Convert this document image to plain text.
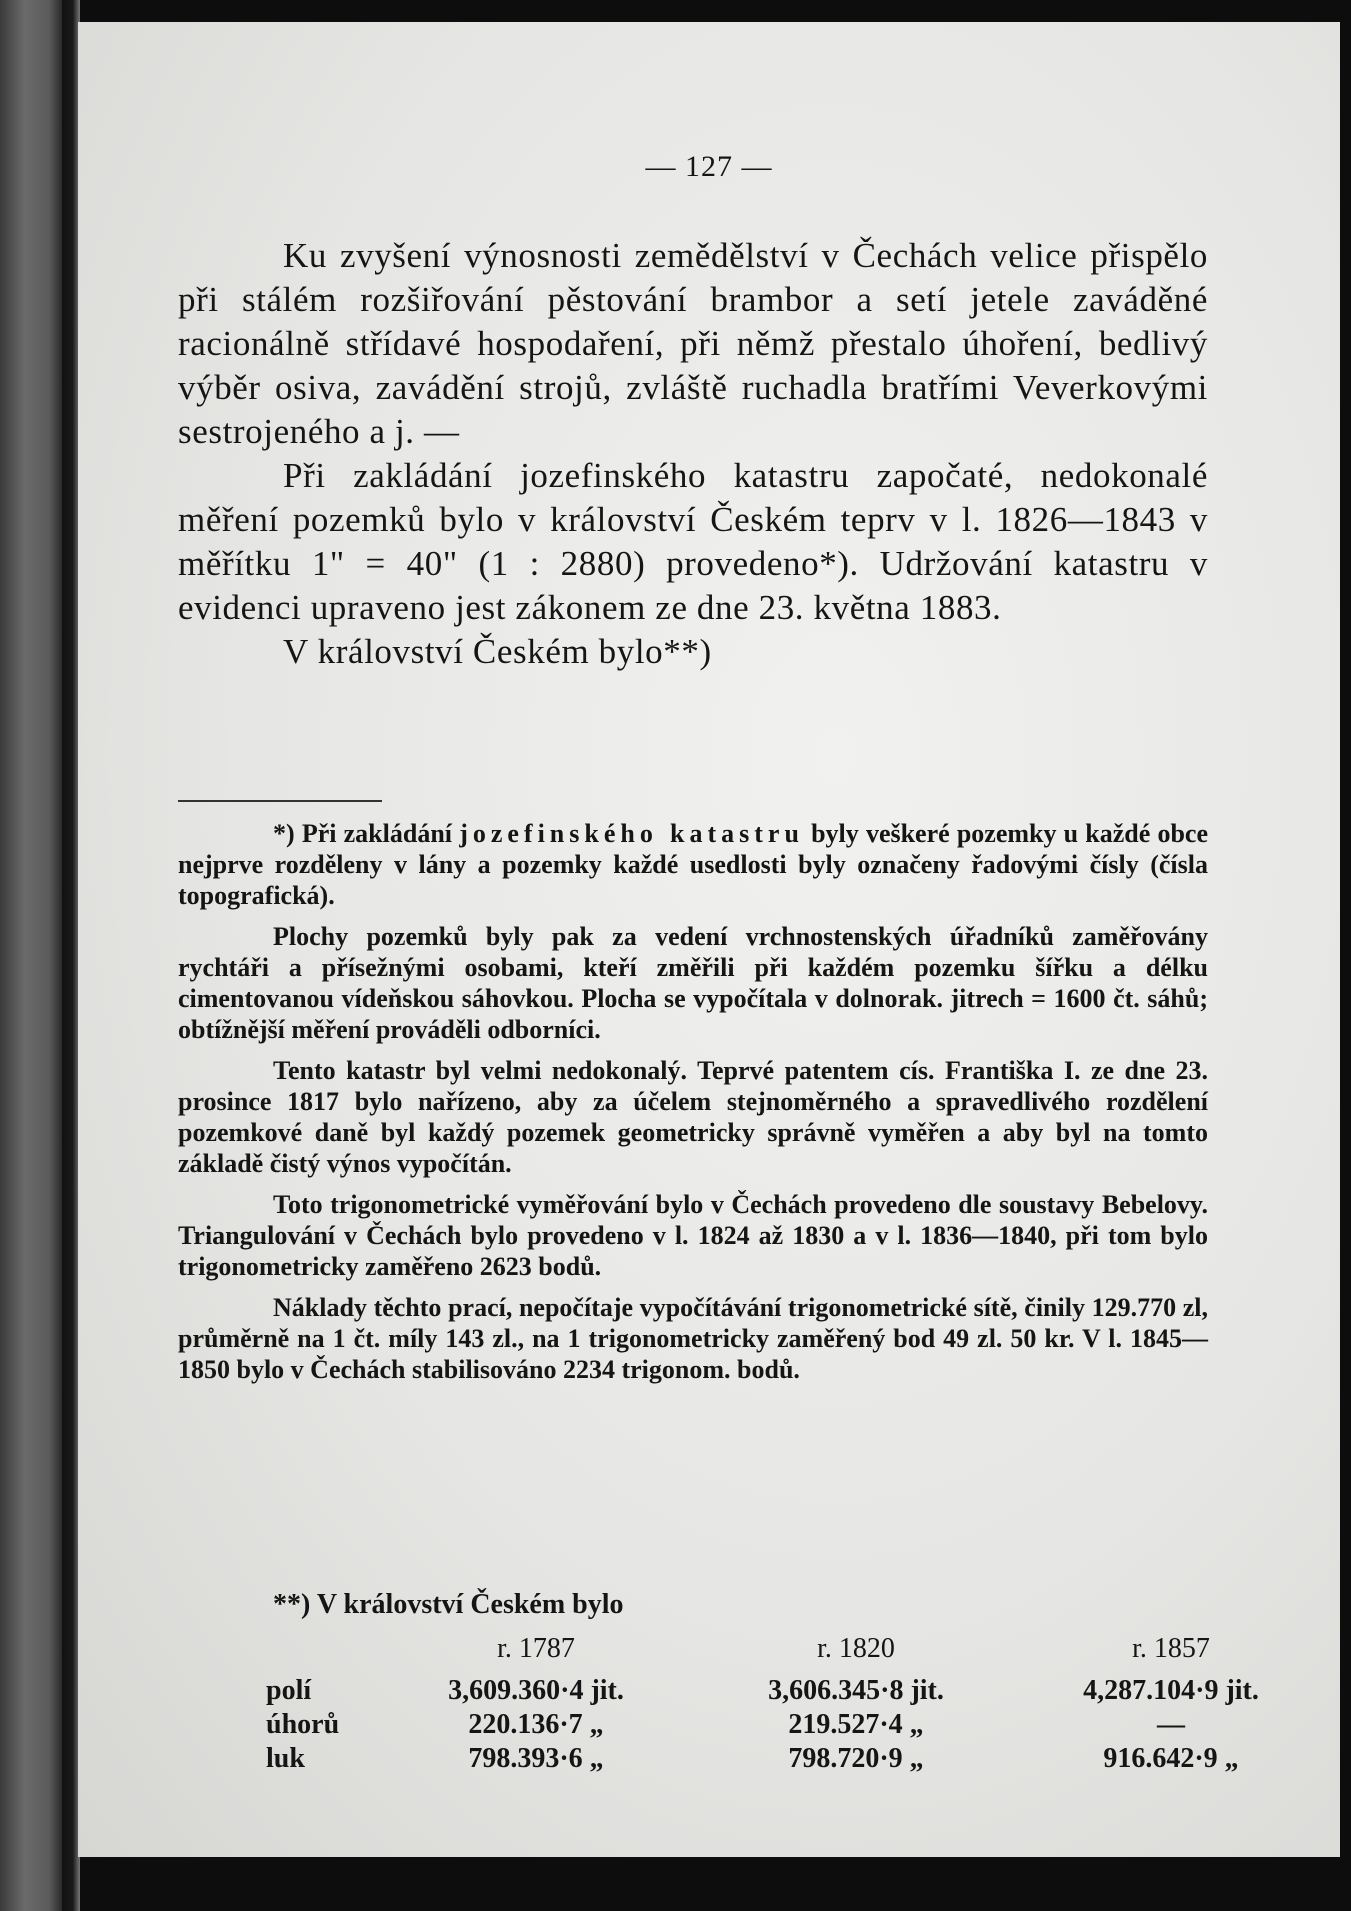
— 127 —

Ku zvyšení výnosnosti zemědělství v Čechách velice přispělo při stálém rozšiřování pěstování brambor a setí jetele zaváděné racionálně střídavé hospodaření, při němž přestalo úhoření, bedlivý výběr osiva, zavádění strojů, zvláště ruchadla bratřími Veverkovými sestrojeného a j. —

Při zakládání jozefinského katastru započaté, nedokonalé měření pozemků bylo v království Českém teprv v l. 1826—1843 v měřítku 1" = 40" (1 : 2880) provedeno*). Udržování katastru v evidenci upraveno jest zákonem ze dne 23. května 1883.

V království Českém bylo**)

*) Při zakládání jozefinského katastru byly veškeré pozemky u každé obce nejprve rozděleny v lány a pozemky každé usedlosti byly označeny řadovými čísly (čísla topografická).

Plochy pozemků byly pak za vedení vrchnostenských úřadníků zaměřovány rychtáři a přísežnými osobami, kteří změřili při každém pozemku šířku a délku cimentovanou vídeňskou sáhovkou. Plocha se vypočítala v dolnorak. jitrech = 1600 čt. sáhů; obtížnější měření prováděli odborníci.

Tento katastr byl velmi nedokonalý. Teprvé patentem cís. Františka I. ze dne 23. prosince 1817 bylo nařízeno, aby za účelem stejnoměrného a spravedlivého rozdělení pozemkové daně byl každý pozemek geometricky správně vyměřen a aby byl na tomto základě čistý výnos vypočítán.

Toto trigonometrické vyměřování bylo v Čechách provedeno dle soustavy Bebelovy. Triangulování v Čechách bylo provedeno v l. 1824 až 1830 a v l. 1836—1840, při tom bylo trigonometricky zaměřeno 2623 bodů.

Náklady těchto prací, nepočítaje vypočítávání trigonometrické sítě, činily 129.770 zl, průměrně na 1 čt. míly 143 zl., na 1 trigonometricky zaměřený bod 49 zl. 50 kr. V l. 1845—1850 bylo v Čechách stabilisováno 2234 trigonom. bodů.

**) V království Českém bylo
	r. 1787	r. 1820	r. 1857
polí	3,609.360·4 jit.	3,606.345·8 jit.	4,287.104·9 jit.
úhorů	220.136·7 „	219.527·4 „	—
luk	798.393·6 „	798.720·9 „	916.642·9 „
